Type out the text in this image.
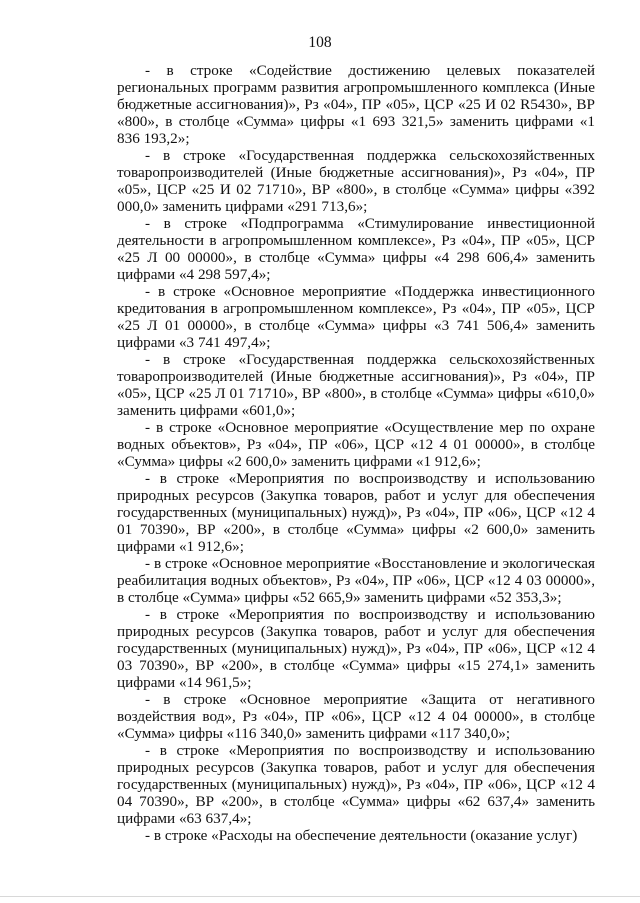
108

- в строке «Содействие достижению целевых показателей региональных программ развития агропромышленного комплекса (Иные бюджетные ассигнования)», Рз «04», ПР «05», ЦСР «25 И 02 R5430», ВР «800», в столбце «Сумма» цифры «1 693 321,5» заменить цифрами «1 836 193,2»;

- в строке «Государственная поддержка сельскохозяйственных товаропроизводителей (Иные бюджетные ассигнования)», Рз «04», ПР «05», ЦСР «25 И 02 71710», ВР «800», в столбце «Сумма» цифры «392 000,0» заменить цифрами «291 713,6»;

- в строке «Подпрограмма «Стимулирование инвестиционной деятельности в агропромышленном комплексе», Рз «04», ПР «05», ЦСР «25 Л 00 00000», в столбце «Сумма» цифры «4 298 606,4» заменить цифрами «4 298 597,4»;

- в строке «Основное мероприятие «Поддержка инвестиционного кредитования в агропромышленном комплексе», Рз «04», ПР «05», ЦСР «25 Л 01 00000», в столбце «Сумма» цифры «3 741 506,4» заменить цифрами «3 741 497,4»;

- в строке «Государственная поддержка сельскохозяйственных товаропроизводителей (Иные бюджетные ассигнования)», Рз «04», ПР «05», ЦСР «25 Л 01 71710», ВР «800», в столбце «Сумма» цифры «610,0» заменить цифрами «601,0»;

- в строке «Основное мероприятие «Осуществление мер по охране водных объектов», Рз «04», ПР «06», ЦСР «12 4 01 00000», в столбце «Сумма» цифры «2 600,0» заменить цифрами «1 912,6»;

- в строке «Мероприятия по воспроизводству и использованию природных ресурсов (Закупка товаров, работ и услуг для обеспечения государственных (муниципальных) нужд)», Рз «04», ПР «06», ЦСР «12 4 01 70390», ВР «200», в столбце «Сумма» цифры «2 600,0» заменить цифрами «1 912,6»;

- в строке «Основное мероприятие «Восстановление и экологическая реабилитация водных объектов», Рз «04», ПР «06», ЦСР «12 4 03 00000», в столбце «Сумма» цифры «52 665,9» заменить цифрами «52 353,3»;

- в строке «Мероприятия по воспроизводству и использованию природных ресурсов (Закупка товаров, работ и услуг для обеспечения государственных (муниципальных) нужд)», Рз «04», ПР «06», ЦСР «12 4 03 70390», ВР «200», в столбце «Сумма» цифры «15 274,1» заменить цифрами «14 961,5»;

- в строке «Основное мероприятие «Защита от негативного воздействия вод», Рз «04», ПР «06», ЦСР «12 4 04 00000», в столбце «Сумма» цифры «116 340,0» заменить цифрами «117 340,0»;

- в строке «Мероприятия по воспроизводству и использованию природных ресурсов (Закупка товаров, работ и услуг для обеспечения государственных (муниципальных) нужд)», Рз «04», ПР «06», ЦСР «12 4 04 70390», ВР «200», в столбце «Сумма» цифры «62 637,4» заменить цифрами «63 637,4»;

- в строке «Расходы на обеспечение деятельности (оказание услуг)
